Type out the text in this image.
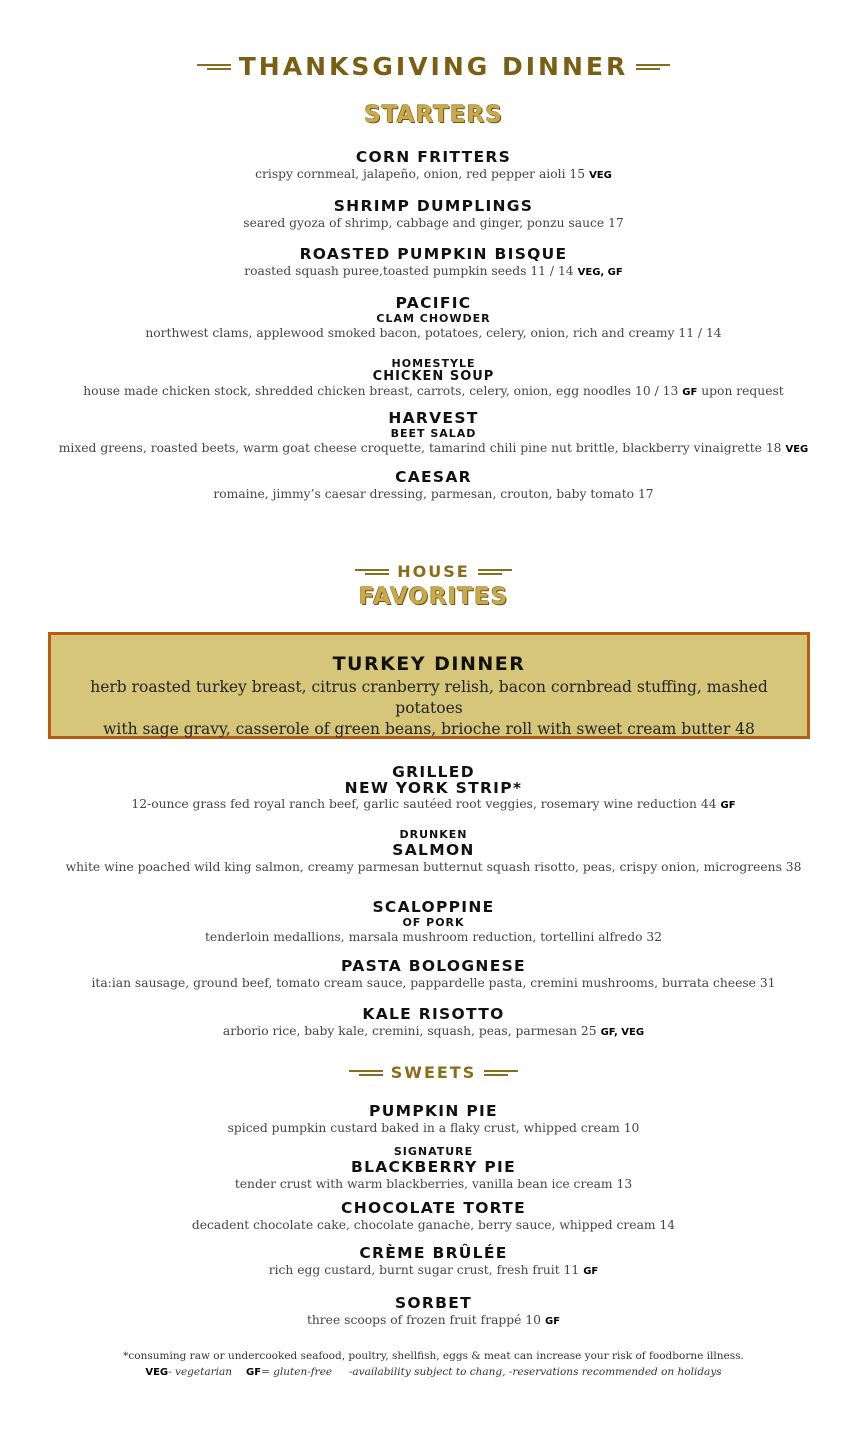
THANKSGIVING DINNER
STARTERS
CORN FRITTERS
crispy cornmeal, jalapeño, onion, red pepper aioli 15 VEG
SHRIMP DUMPLINGS
seared gyoza of shrimp, cabbage and ginger, ponzu sauce 17
ROASTED PUMPKIN BISQUE
roasted squash puree,toasted pumpkin seeds 11 / 14 VEG, GF
PACIFIC
CLAM CHOWDER
northwest clams, applewood smoked bacon, potatoes, celery, onion, rich and creamy 11 / 14
HOMESTYLE
CHICKEN SOUP
house made chicken stock, shredded chicken breast, carrots, celery, onion, egg noodles 10 / 13 GF upon request
HARVEST
BEET SALAD
mixed greens, roasted beets, warm goat cheese croquette, tamarind chili pine nut brittle, blackberry vinaigrette 18 VEG
CAESAR
romaine, jimmy’s caesar dressing, parmesan, crouton, baby tomato 17
HOUSE
FAVORITES
TURKEY DINNER
herb roasted turkey breast, citrus cranberry relish, bacon cornbread stuffing, mashed potatoes
with sage gravy, casserole of green beans, brioche roll with sweet cream butter 48
GRILLED
NEW YORK STRIP*
12-ounce grass fed royal ranch beef, garlic sautéed root veggies, rosemary wine reduction 44 GF
DRUNKEN
SALMON
white wine poached wild king salmon, creamy parmesan butternut squash risotto, peas, crispy onion, microgreens 38
SCALOPPINE
OF PORK
tenderloin medallions, marsala mushroom reduction, tortellini alfredo 32
PASTA BOLOGNESE
ita:ian sausage, ground beef, tomato cream sauce, pappardelle pasta, cremini mushrooms, burrata cheese 31
KALE RISOTTO
arborio rice, baby kale, cremini, squash, peas, parmesan 25 GF, VEG
SWEETS
PUMPKIN PIE
spiced pumpkin custard baked in a flaky crust, whipped cream 10
SIGNATURE
BLACKBERRY PIE
tender crust with warm blackberries, vanilla bean ice cream 13
CHOCOLATE TORTE
decadent chocolate cake, chocolate ganache, berry sauce, whipped cream 14
CRÈME BRÛLÉE
rich egg custard, burnt sugar crust, fresh fruit 11 GF
SORBET
three scoops of frozen fruit frappé 10 GF
*consuming raw or undercooked seafood, poultry, shellfish, eggs & meat can increase your risk of foodborne illness.
VEG- vegetarian GF= gluten-free -availability subject to chang, -reservations recommended on holidays
